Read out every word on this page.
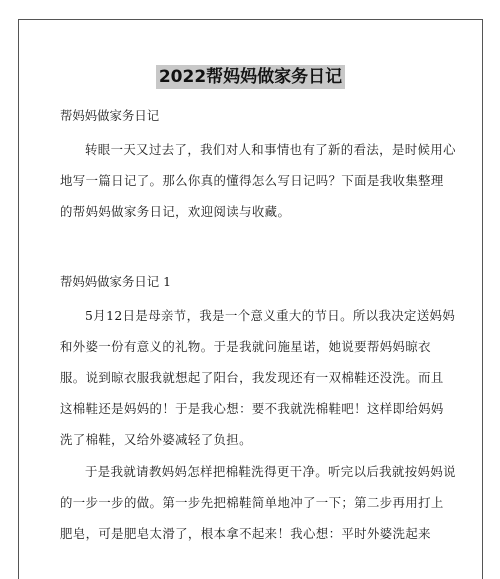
2022帮妈妈做家务日记
帮妈妈做家务日记
转眼一天又过去了，我们对人和事情也有了新的看法，是时候用心地写一篇日记了。那么你真的懂得怎么写日记吗？下面是我收集整理的帮妈妈做家务日记，欢迎阅读与收藏。
帮妈妈做家务日记 1
5月12日是母亲节，我是一个意义重大的节日。所以我决定送妈妈和外婆一份有意义的礼物。于是我就问施星诺，她说要帮妈妈晾衣服。说到晾衣服我就想起了阳台，我发现还有一双棉鞋还没洗。而且这棉鞋还是妈妈的！于是我心想：要不我就洗棉鞋吧！这样即给妈妈洗了棉鞋，又给外婆减轻了负担。
于是我就请教妈妈怎样把棉鞋洗得更干净。听完以后我就按妈妈说的一步一步的做。第一步先把棉鞋简单地冲了一下；第二步再用打上肥皂，可是肥皂太滑了，根本拿不起来！我心想：平时外婆洗起来
